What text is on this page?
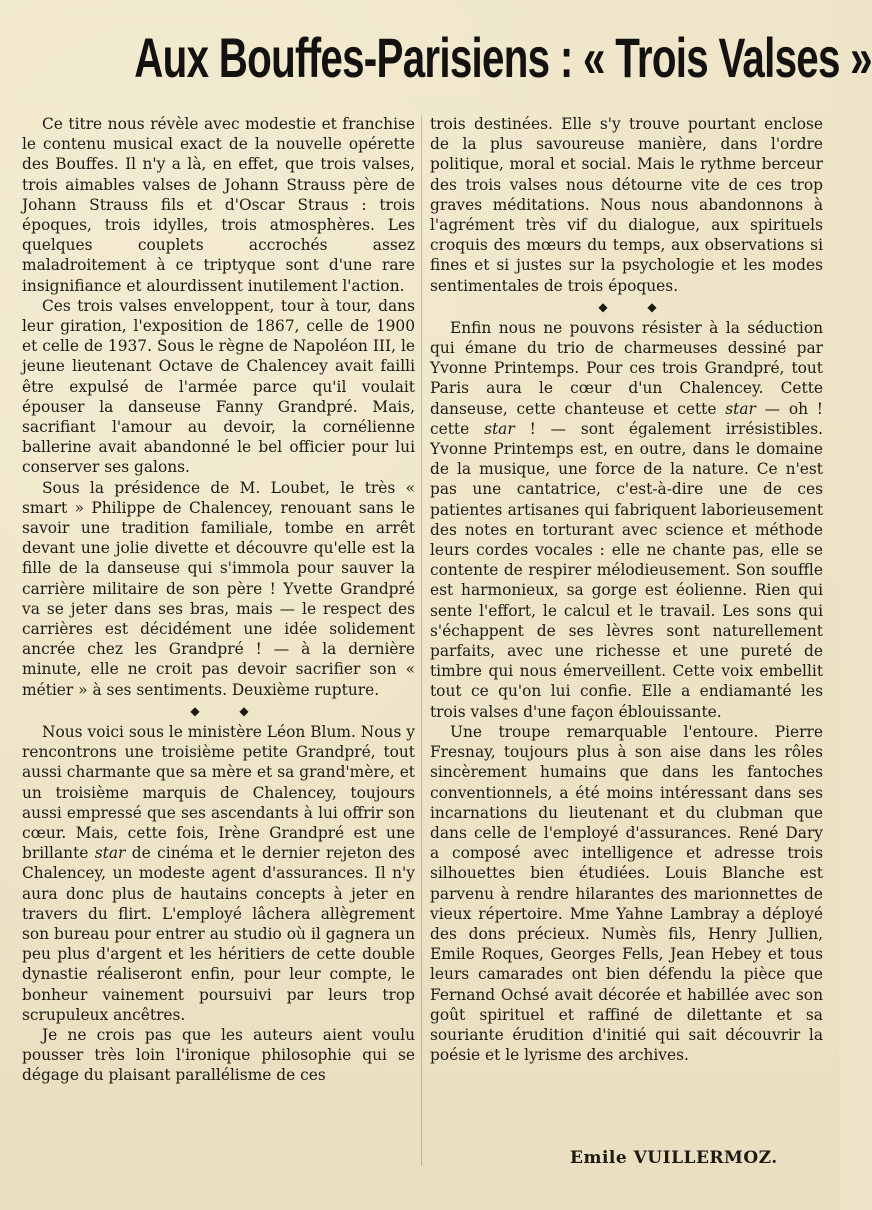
Aux Bouffes-Parisiens : « Trois Valses »

Ce titre nous révèle avec modestie et franchise le contenu musical exact de la nouvelle opérette des Bouffes. Il n'y a là, en effet, que trois valses, trois aimables valses de Johann Strauss père de Johann Strauss fils et d'Oscar Straus : trois époques, trois idylles, trois atmosphères. Les quelques couplets accrochés assez maladroitement à ce triptyque sont d'une rare insignifiance et alourdissent inutilement l'action.

Ces trois valses enveloppent, tour à tour, dans leur giration, l'exposition de 1867, celle de 1900 et celle de 1937. Sous le règne de Napoléon III, le jeune lieutenant Octave de Chalencey avait failli être expulsé de l'armée parce qu'il voulait épouser la danseuse Fanny Grandpré. Mais, sacrifiant l'amour au devoir, la cornélienne ballerine avait abandonné le bel officier pour lui conserver ses galons.

Sous la présidence de M. Loubet, le très « smart » Philippe de Chalencey, renouant sans le savoir une tradition familiale, tombe en arrêt devant une jolie divette et découvre qu'elle est la fille de la danseuse qui s'immola pour sauver la carrière militaire de son père ! Yvette Grandpré va se jeter dans ses bras, mais — le respect des carrières est décidément une idée solidement ancrée chez les Grandpré ! — à la dernière minute, elle ne croit pas devoir sacrifier son « métier » à ses sentiments. Deuxième rupture.

◆ ◆

Nous voici sous le ministère Léon Blum. Nous y rencontrons une troisième petite Grandpré, tout aussi charmante que sa mère et sa grand'mère, et un troisième marquis de Chalencey, toujours aussi empressé que ses ascendants à lui offrir son cœur. Mais, cette fois, Irène Grandpré est une brillante star de cinéma et le dernier rejeton des Chalencey, un modeste agent d'assurances. Il n'y aura donc plus de hautains concepts à jeter en travers du flirt. L'employé lâchera allègrement son bureau pour entrer au studio où il gagnera un peu plus d'argent et les héritiers de cette double dynastie réaliseront enfin, pour leur compte, le bonheur vainement poursuivi par leurs trop scrupuleux ancêtres.

Je ne crois pas que les auteurs aient voulu pousser très loin l'ironique philosophie qui se dégage du plaisant parallélisme de ces

trois destinées. Elle s'y trouve pourtant enclose de la plus savoureuse manière, dans l'ordre politique, moral et social. Mais le rythme berceur des trois valses nous détourne vite de ces trop graves méditations. Nous nous abandonnons à l'agrément très vif du dialogue, aux spirituels croquis des mœurs du temps, aux observations si fines et si justes sur la psychologie et les modes sentimentales de trois époques.

◆ ◆

Enfin nous ne pouvons résister à la séduction qui émane du trio de charmeuses dessiné par Yvonne Printemps. Pour ces trois Grandpré, tout Paris aura le cœur d'un Chalencey. Cette danseuse, cette chanteuse et cette star — oh ! cette star ! — sont également irrésistibles. Yvonne Printemps est, en outre, dans le domaine de la musique, une force de la nature. Ce n'est pas une cantatrice, c'est-à-dire une de ces patientes artisanes qui fabriquent laborieusement des notes en torturant avec science et méthode leurs cordes vocales : elle ne chante pas, elle se contente de respirer mélodieusement. Son souffle est harmonieux, sa gorge est éolienne. Rien qui sente l'effort, le calcul et le travail. Les sons qui s'échappent de ses lèvres sont naturellement parfaits, avec une richesse et une pureté de timbre qui nous émerveillent. Cette voix embellit tout ce qu'on lui confie. Elle a endiamanté les trois valses d'une façon éblouissante.

Une troupe remarquable l'entoure. Pierre Fresnay, toujours plus à son aise dans les rôles sincèrement humains que dans les fantoches conventionnels, a été moins intéressant dans ses incarnations du lieutenant et du clubman que dans celle de l'employé d'assurances. René Dary a composé avec intelligence et adresse trois silhouettes bien étudiées. Louis Blanche est parvenu à rendre hilarantes des marionnettes de vieux répertoire. Mme Yahne Lambray a déployé des dons précieux. Numès fils, Henry Jullien, Emile Roques, Georges Fells, Jean Hebey et tous leurs camarades ont bien défendu la pièce que Fernand Ochsé avait décorée et habillée avec son goût spirituel et raffiné de dilettante et sa souriante érudition d'initié qui sait découvrir la poésie et le lyrisme des archives.

Emile VUILLERMOZ.
